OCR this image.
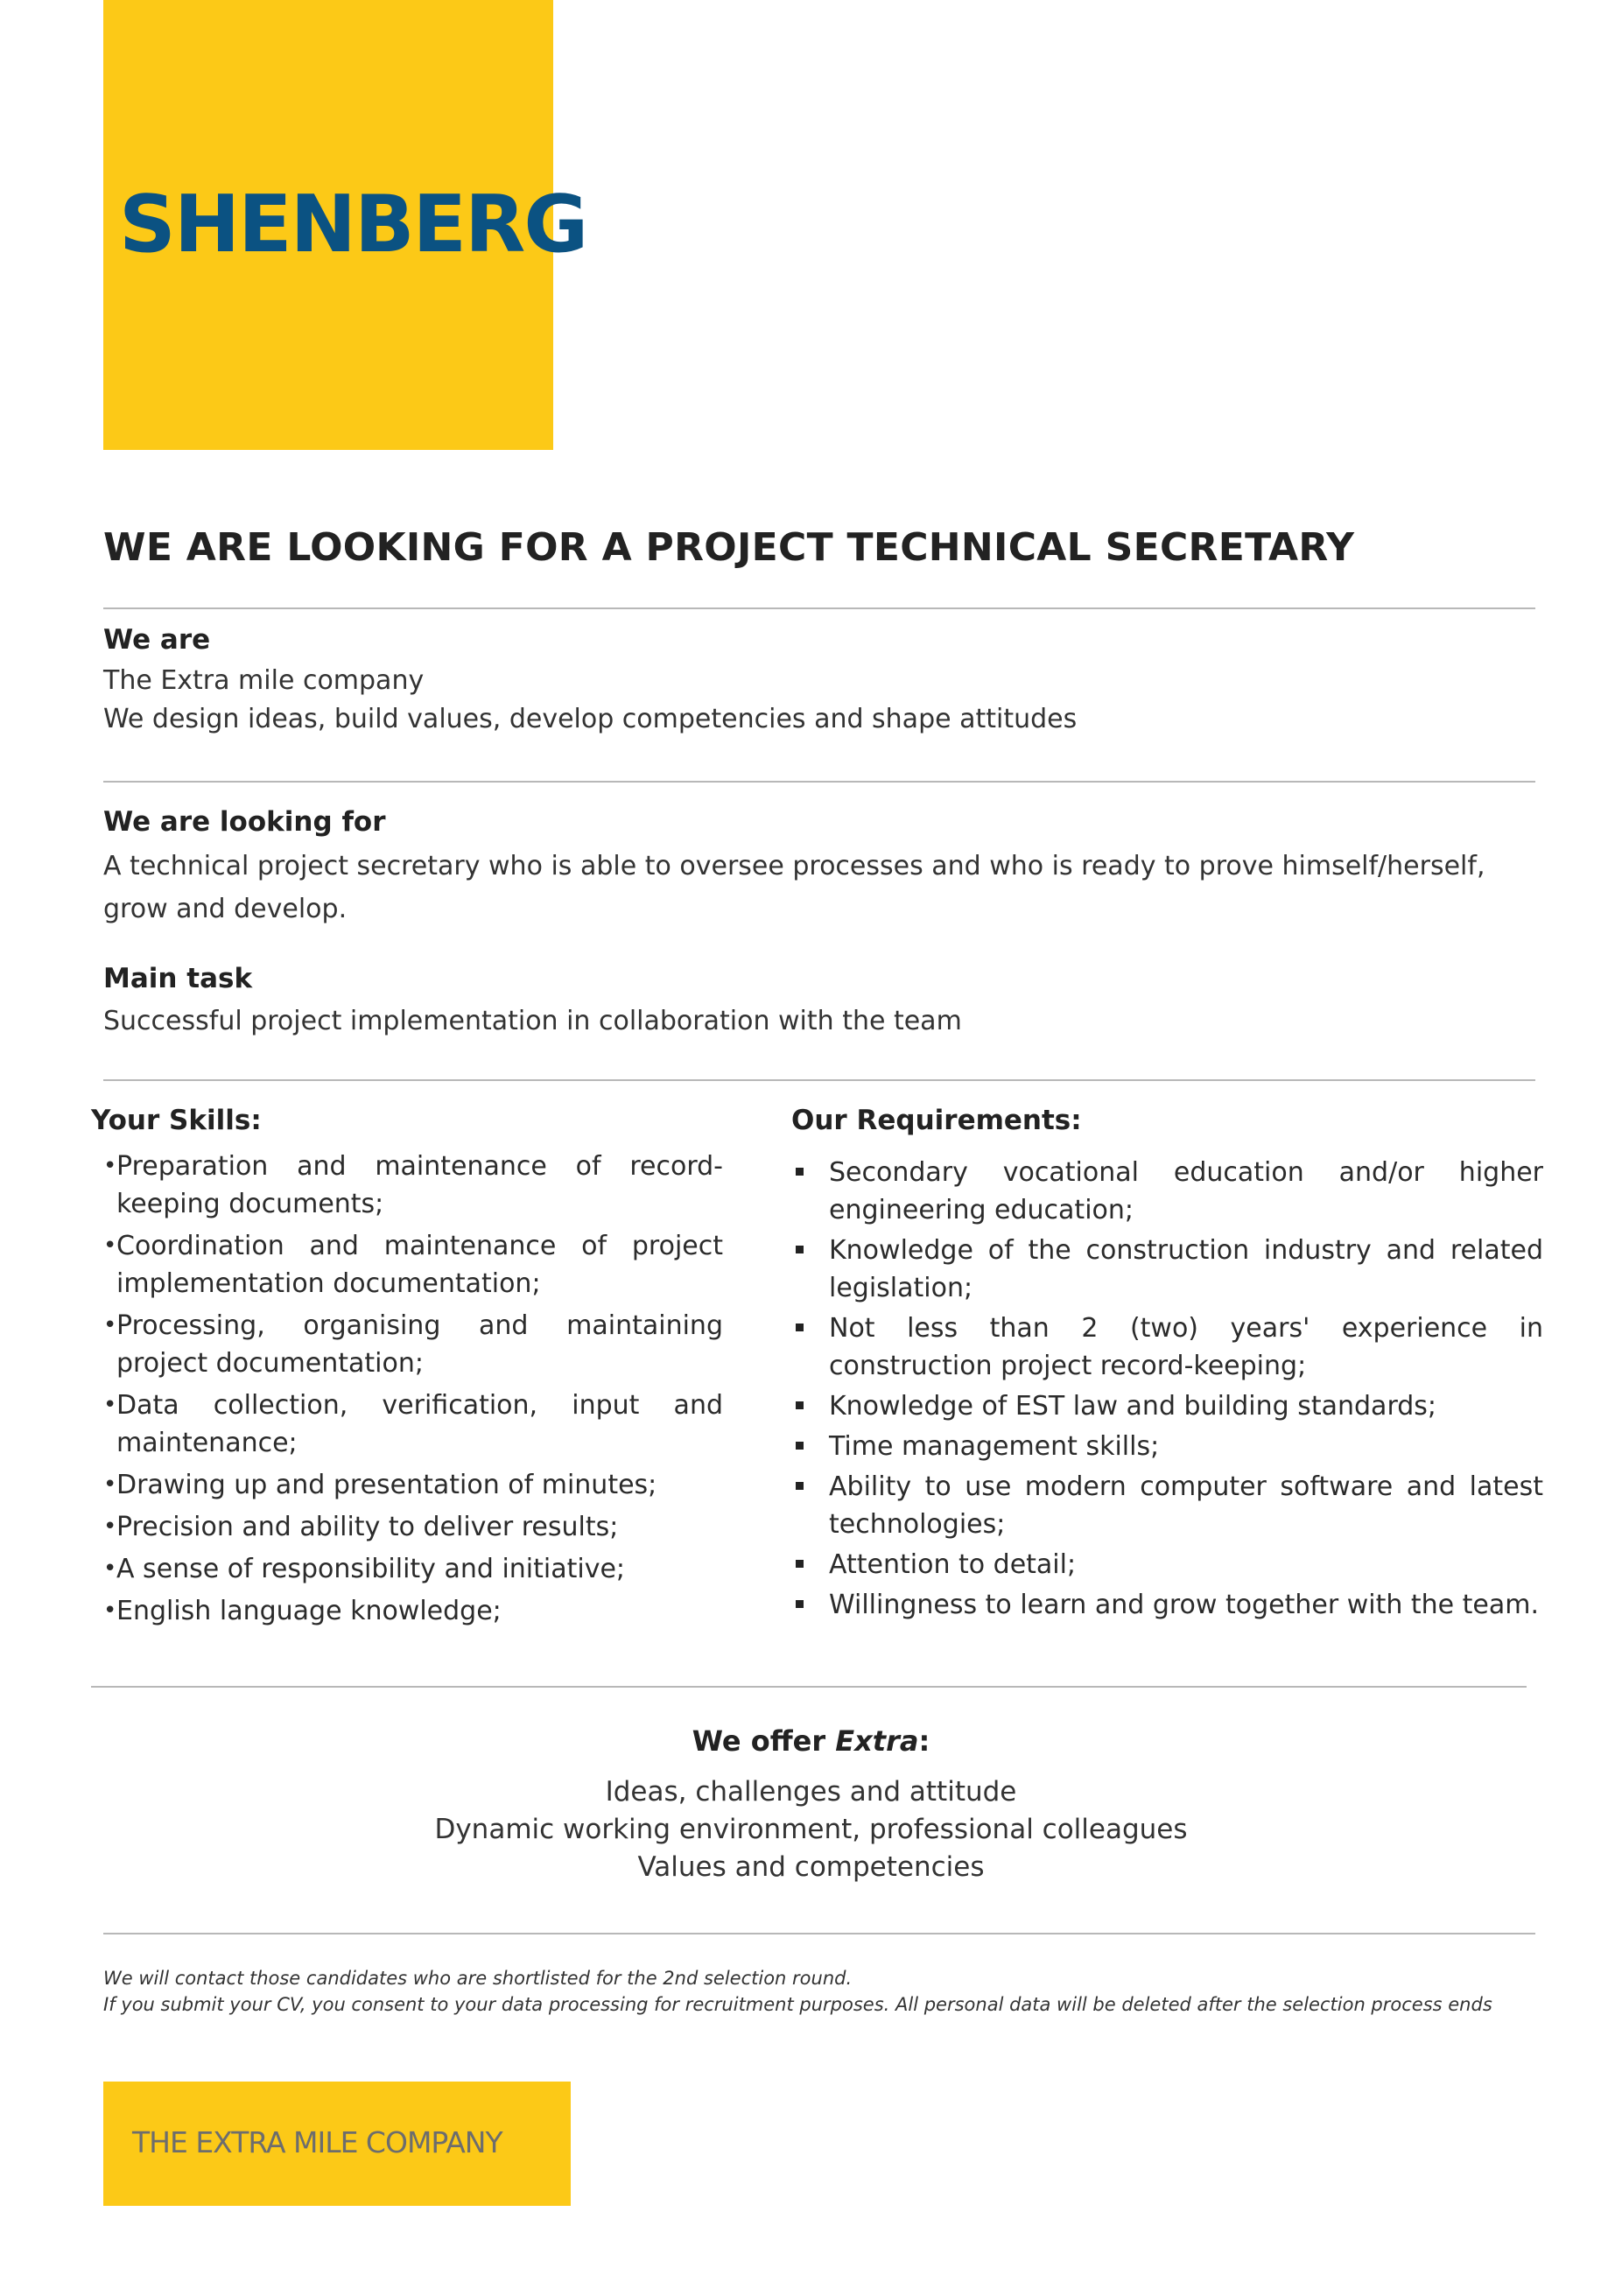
SHENBERG
WE ARE LOOKING FOR A PROJECT TECHNICAL SECRETARY
We are
The Extra mile company
We design ideas, build values, develop competencies and shape attitudes
We are looking for
A technical project secretary who is able to oversee processes and who is ready to prove himself/herself, grow and develop.
Main task
Successful project implementation in collaboration with the team
Your Skills:
• Preparation and maintenance of record-keeping documents;
• Coordination and maintenance of project implementation documentation;
• Processing, organising and maintaining project documentation;
• Data collection, verification, input and maintenance;
• Drawing up and presentation of minutes;
• Precision and ability to deliver results;
• A sense of responsibility and initiative;
• English language knowledge;
Our Requirements:
Secondary vocational education and/or higher engineering education;
Knowledge of the construction industry and related legislation;
Not less than 2 (two) years' experience in construction project record-keeping;
Knowledge of EST law and building standards;
Time management skills;
Ability to use modern computer software and latest technologies;
Attention to detail;
Willingness to learn and grow together with the team.
We offer Extra:
Ideas, challenges and attitude
Dynamic working environment, professional colleagues
Values and competencies
We will contact those candidates who are shortlisted for the 2nd selection round.
If you submit your CV, you consent to your data processing for recruitment purposes. All personal data will be deleted after the selection process ends
THE EXTRA MILE COMPANY
